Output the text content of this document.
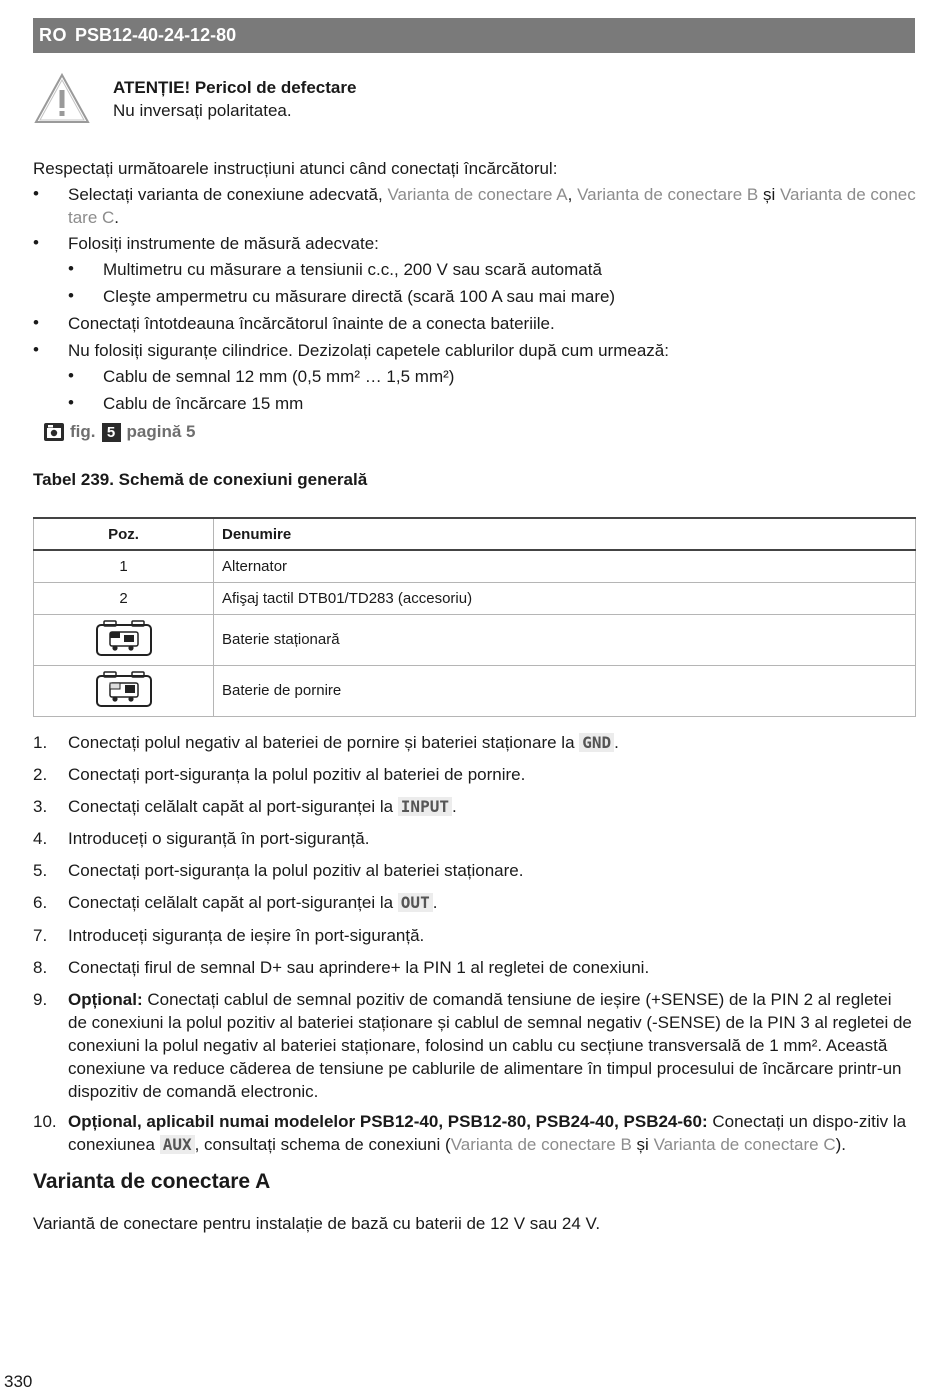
RO PSB12-40-24-12-80
ATENȚIE! Pericol de defectare
Nu inversați polaritatea.
Respectați următoarele instrucțiuni atunci când conectați încărcătorul:
• Selectați varianta de conexiune adecvată, Varianta de conectare A, Varianta de conectare B și Varianta de conec
tare C.
• Folosiți instrumente de măsură adecvate:
• Multimetru cu măsurare a tensiunii c.c., 200 V sau scară automată
• Cleşte ampermetru cu măsurare directă (scară 100 A sau mai mare)
• Conectați întotdeauna încărcătorul înainte de a conecta bateriile.
• Nu folosiți siguranțe cilindrice. Dezizolați capetele cablurilor după cum urmează:
• Cablu de semnal 12 mm (0,5 mm² … 1,5 mm²)
• Cablu de încărcare 15 mm
fig. 5 pagină 5
Tabel 239. Schemă de conexiuni generală
Poz.	Denumire
1	Alternator
2	Afişaj tactil DTB01/TD283 (accesoriu)
	Baterie staționară
	Baterie de pornire
1. Conectați polul negativ al bateriei de pornire și bateriei staționare la GND .
2. Conectați port-siguranța la polul pozitiv al bateriei de pornire.
3. Conectați celălalt capăt al port-siguranței la INPUT .
4. Introduceți o siguranță în port-siguranță.
5. Conectați port-siguranța la polul pozitiv al bateriei staționare.
6. Conectați celălalt capăt al port-siguranței la OUT .
7. Introduceți siguranța de ieșire în port-siguranță.
8. Conectați firul de semnal D+ sau aprindere+ la PIN 1 al regletei de conexiuni.
9. Opțional: Conectați cablul de semnal pozitiv de comandă tensiune de ieșire (+SENSE) de la PIN 2 al regletei de conexiuni la polul pozitiv al bateriei staționare și cablul de semnal negativ (-SENSE) de la PIN 3 al regletei de conexiuni la polul negativ al bateriei staționare, folosind un cablu cu secțiune transversală de 1 mm². Această conexiune va reduce căderea de tensiune pe cablurile de alimentare în timpul procesului de încărcare printr-un dispozitiv de comandă electronic.
10. Opțional, aplicabil numai modelelor PSB12-40, PSB12-80, PSB24-40, PSB24-60: Conectați un dispo-zitiv la conexiunea AUX , consultați schema de conexiuni (Varianta de conectare B și Varianta de conectare C).
Varianta de conectare A
Variantă de conectare pentru instalație de bază cu baterii de 12 V sau 24 V.
330
